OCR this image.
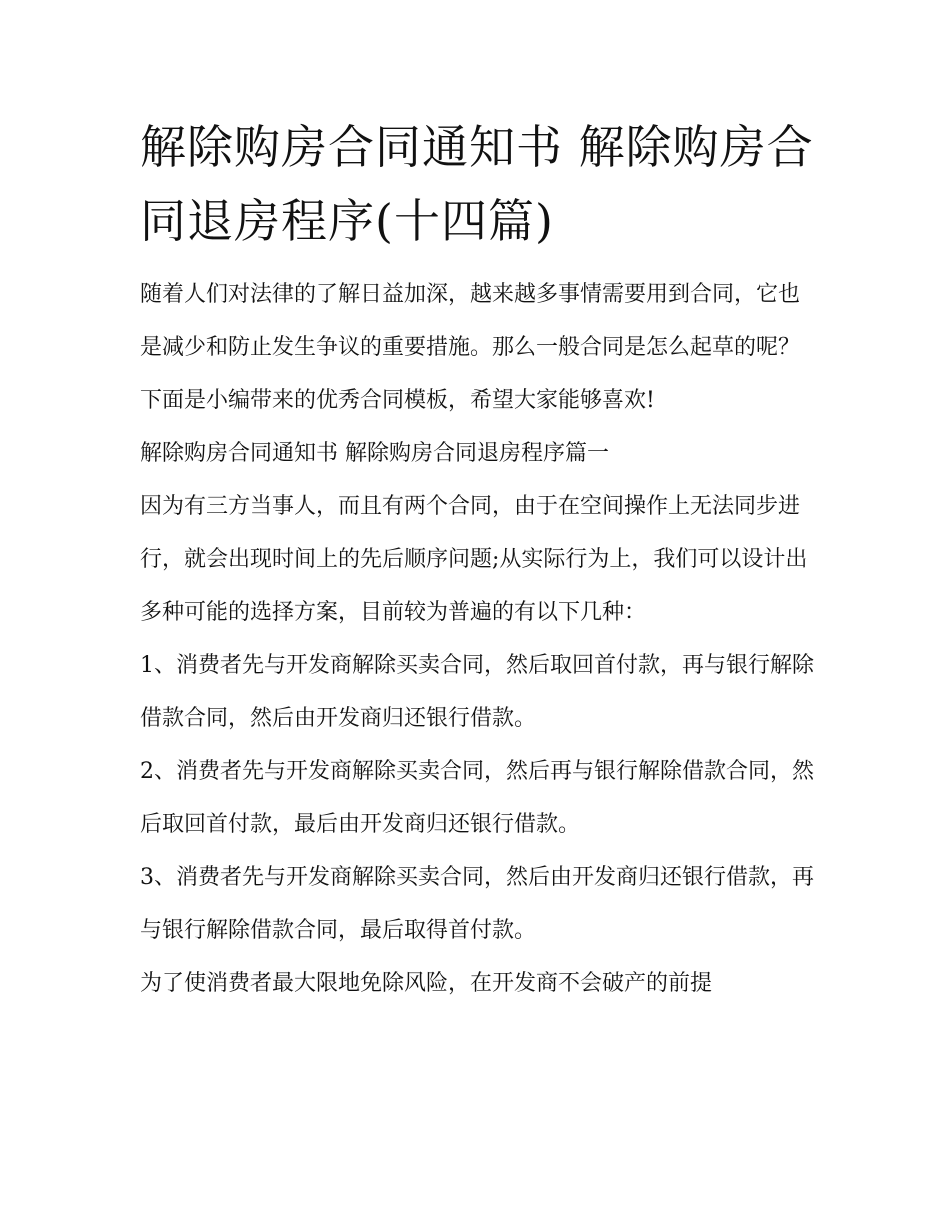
解除购房合同通知书 解除购房合同退房程序(十四篇)

随着人们对法律的了解日益加深，越来越多事情需要用到合同，它也是减少和防止发生争议的重要措施。那么一般合同是怎么起草的呢？下面是小编带来的优秀合同模板，希望大家能够喜欢!

解除购房合同通知书 解除购房合同退房程序篇一

因为有三方当事人，而且有两个合同，由于在空间操作上无法同步进行，就会出现时间上的先后顺序问题;从实际行为上，我们可以设计出多种可能的选择方案，目前较为普遍的有以下几种：

1、消费者先与开发商解除买卖合同，然后取回首付款，再与银行解除借款合同，然后由开发商归还银行借款。

2、消费者先与开发商解除买卖合同，然后再与银行解除借款合同，然后取回首付款，最后由开发商归还银行借款。

3、消费者先与开发商解除买卖合同，然后由开发商归还银行借款，再与银行解除借款合同，最后取得首付款。

为了使消费者最大限地免除风险，在开发商不会破产的前提
